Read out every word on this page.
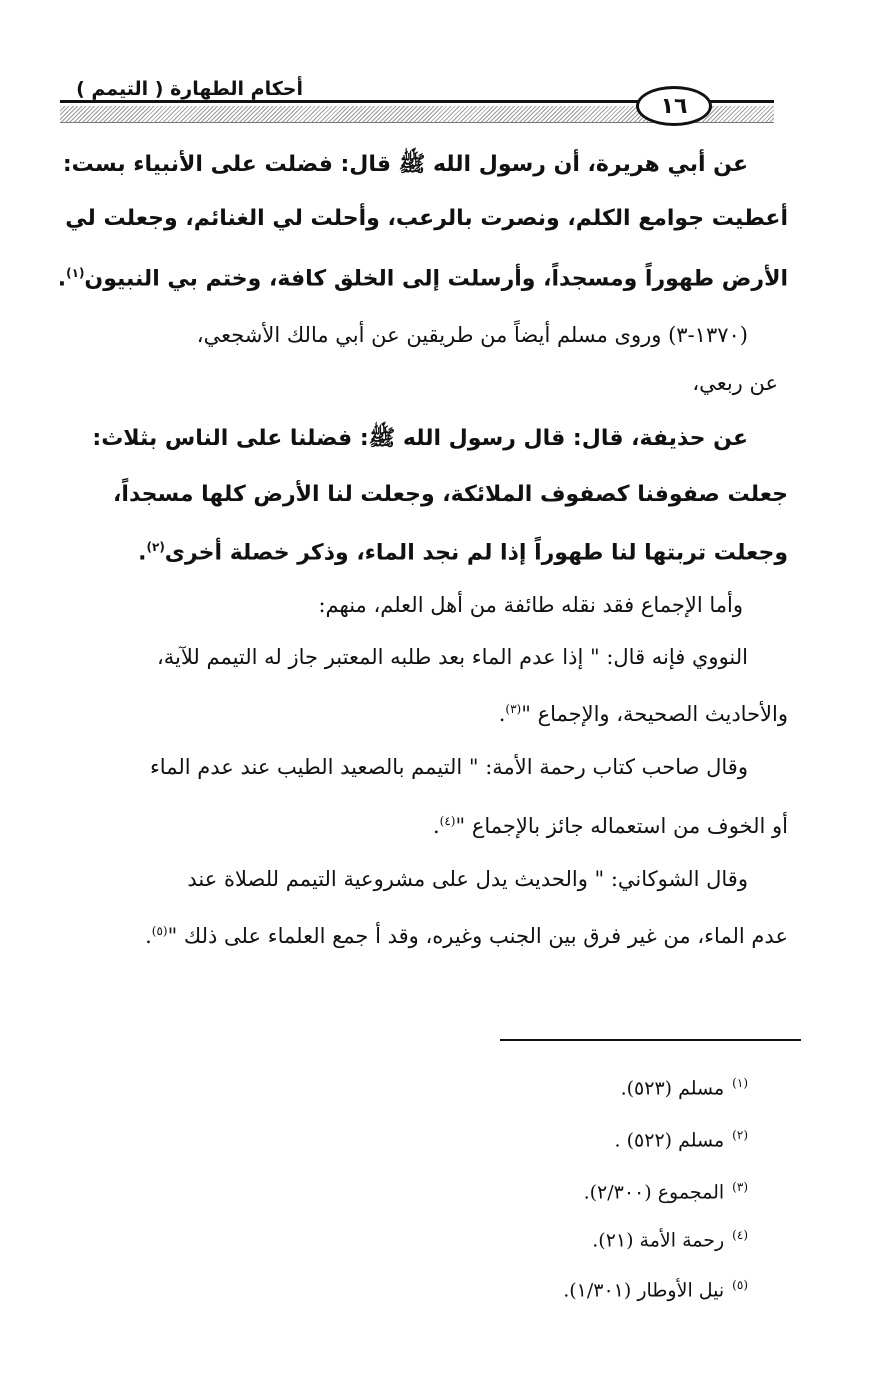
أحكام الطهارة ( التيمم )
١٦
عن أبي هريرة، أن رسول الله ﷺ قال: فضلت على الأنبياء بست:
أعطيت جوامع الكلم، ونصرت بالرعب، وأحلت لي الغنائم، وجعلت لي
الأرض طهوراً ومسجداً، وأرسلت إلى الخلق كافة، وختم بي النبيون$^{(١)}$.
(١٣٧٠-٣) وروى مسلم أيضاً من طريقين عن أبي مالك الأشجعي،
عن ربعي،
عن حذيفة، قال: قال رسول الله ﷺ: فضلنا على الناس بثلاث:
جعلت صفوفنا كصفوف الملائكة، وجعلت لنا الأرض كلها مسجداً،
وجعلت تربتها لنا طهوراً إذا لم نجد الماء، وذكر خصلة أخرى$^{(٢)}$.
وأما الإجماع فقد نقله طائفة من أهل العلم، منهم:
النووي فإنه قال: " إذا عدم الماء بعد طلبه المعتبر جاز له التيمم للآية،
والأحاديث الصحيحة، والإجماع "$^{(٣)}$.
وقال صاحب كتاب رحمة الأمة: " التيمم بالصعيد الطيب عند عدم الماء
أو الخوف من استعماله جائز بالإجماع "$^{(٤)}$.
وقال الشوكاني: " والحديث يدل على مشروعية التيمم للصلاة عند
عدم الماء، من غير فرق بين الجنب وغيره، وقد أ جمع العلماء على ذلك "$^{(٥)}$.
$^{(١)}$مسلم (٥٢٣).
$^{(٢)}$مسلم (٥٢٢) .
$^{(٣)}$المجموع (٢/٣٠٠).
$^{(٤)}$رحمة الأمة (٢١).
$^{(٥)}$نيل الأوطار (١/٣٠١).
